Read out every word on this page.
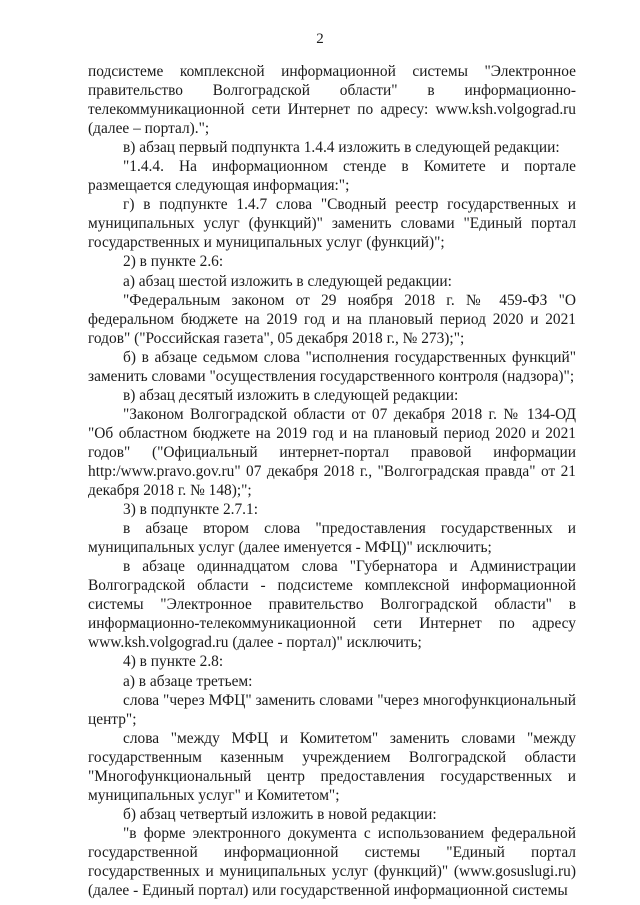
2

подсистеме комплексной информационной системы "Электронное правительство Волгоградской области" в информационно-телекоммуникационной сети Интернет по адресу: www.ksh.volgograd.ru (далее – портал).";

в) абзац первый подпункта 1.4.4 изложить в следующей редакции:

"1.4.4. На информационном стенде в Комитете и портале размещается следующая информация:";

г) в подпункте 1.4.7 слова "Сводный реестр государственных и муниципальных услуг (функций)" заменить словами "Единый портал государственных и муниципальных услуг (функций)";

2) в пункте 2.6:

а) абзац шестой изложить в следующей редакции:

"Федеральным законом от 29 ноября 2018 г. № 459-ФЗ "О федеральном бюджете на 2019 год и на плановый период 2020 и 2021 годов" ("Российская газета", 05 декабря 2018 г., № 273);";

б) в абзаце седьмом слова "исполнения государственных функций" заменить словами "осуществления государственного контроля (надзора)";

в) абзац десятый изложить в следующей редакции:

"Законом Волгоградской области от 07 декабря 2018 г. № 134-ОД "Об областном бюджете на 2019 год и на плановый период 2020 и 2021 годов" ("Официальный интернет-портал правовой информации http:/www.pravo.gov.ru" 07 декабря 2018 г., "Волгоградская правда" от 21 декабря 2018 г. № 148);";

3) в подпункте 2.7.1:

в абзаце втором слова "предоставления государственных и муниципальных услуг (далее именуется - МФЦ)" исключить;

в абзаце одиннадцатом слова "Губернатора и Администрации Волгоградской области - подсистеме комплексной информационной системы "Электронное правительство Волгоградской области" в информационно-телекоммуникационной сети Интернет по адресу www.ksh.volgograd.ru (далее - портал)" исключить;

4) в пункте 2.8:

а) в абзаце третьем:

слова "через МФЦ" заменить словами "через многофункциональный центр";

слова "между МФЦ и Комитетом" заменить словами "между государственным казенным учреждением Волгоградской области "Многофункциональный центр предоставления государственных и муниципальных услуг" и Комитетом";

б) абзац четвертый изложить в новой редакции:

"в форме электронного документа с использованием федеральной государственной информационной системы "Единый портал государственных и муниципальных услуг (функций)" (www.gosuslugi.ru) (далее - Единый портал) или государственной информационной системы
